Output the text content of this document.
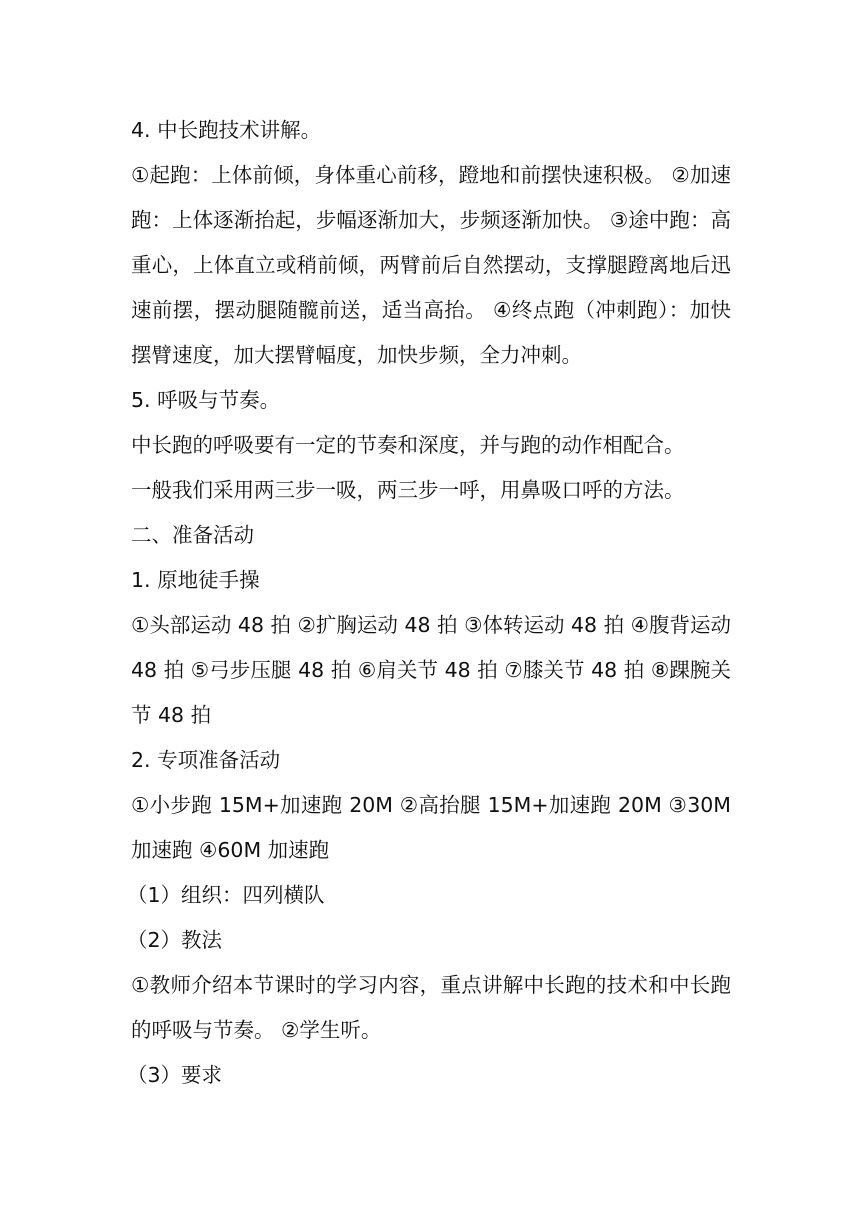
4. 中长跑技术讲解。

①起跑：上体前倾，身体重心前移，蹬地和前摆快速积极。 ②加速跑：上体逐渐抬起，步幅逐渐加大，步频逐渐加快。 ③途中跑：高重心，上体直立或稍前倾，两臂前后自然摆动，支撑腿蹬离地后迅速前摆，摆动腿随髋前送，适当高抬。 ④终点跑（冲刺跑）：加快摆臂速度，加大摆臂幅度，加快步频，全力冲刺。

5. 呼吸与节奏。

中长跑的呼吸要有一定的节奏和深度，并与跑的动作相配合。

一般我们采用两三步一吸，两三步一呼，用鼻吸口呼的方法。

二、准备活动

1. 原地徒手操

①头部运动 48 拍 ②扩胸运动 48 拍 ③体转运动 48 拍 ④腹背运动 48 拍 ⑤弓步压腿 48 拍 ⑥肩关节 48 拍 ⑦膝关节 48 拍 ⑧踝腕关节 48 拍

2. 专项准备活动

①小步跑 15M+加速跑 20M ②高抬腿 15M+加速跑 20M ③30M 加速跑 ④60M 加速跑

（1）组织：四列横队

（2）教法

①教师介绍本节课时的学习内容，重点讲解中长跑的技术和中长跑的呼吸与节奏。 ②学生听。

（3）要求
